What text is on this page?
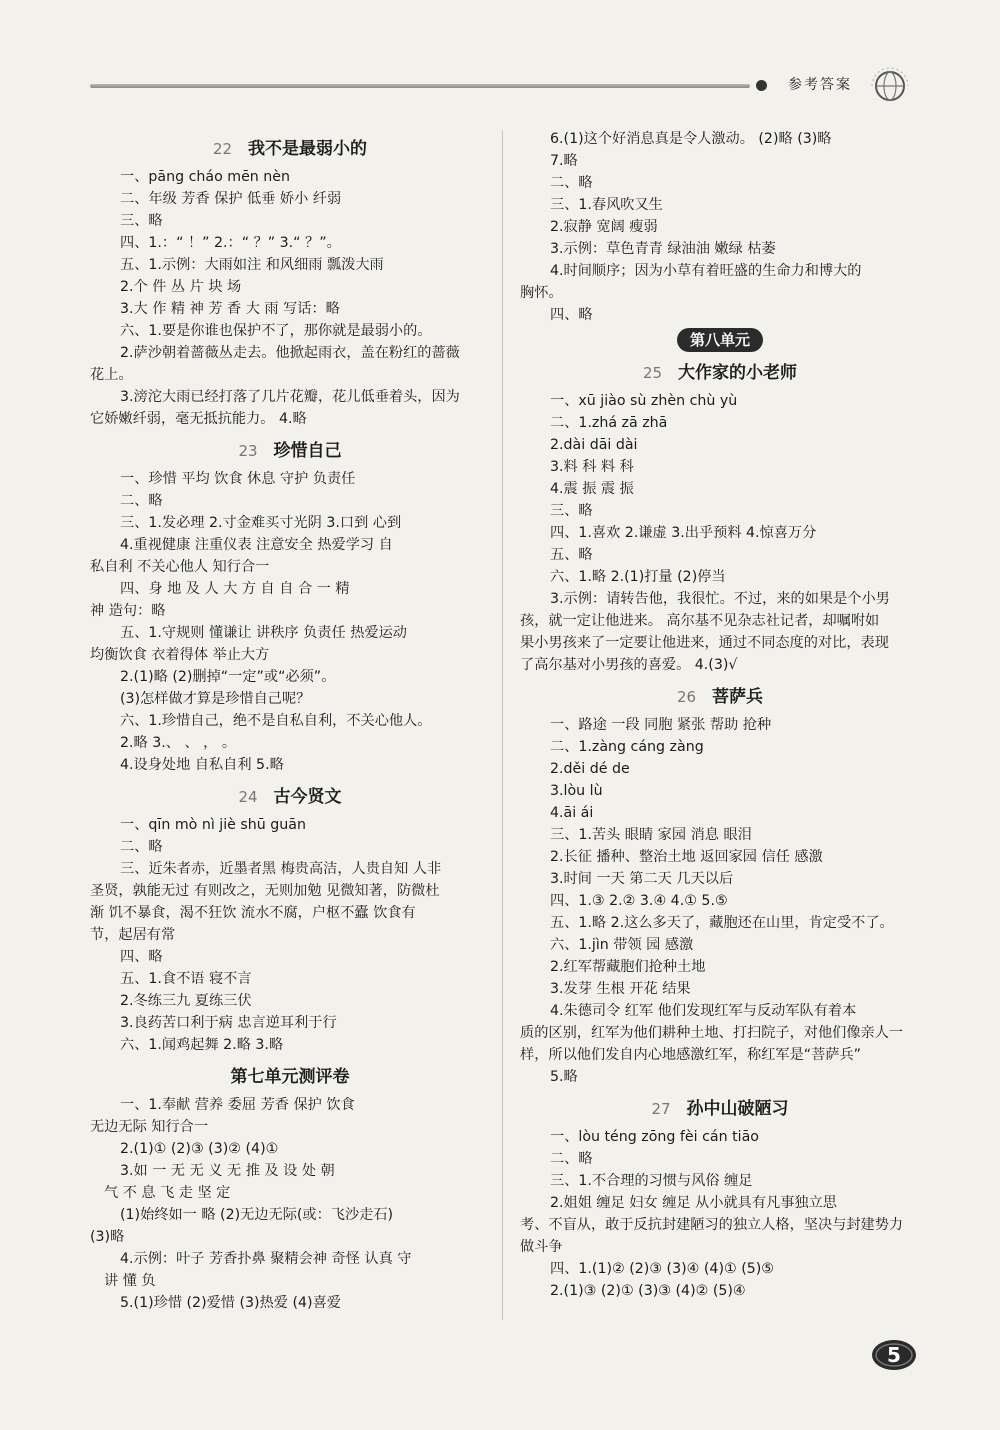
参考答案
22 我不是最弱小的
一、pāng cháo mēn nèn
二、年级 芳香 保护 低垂 娇小 纤弱
三、略
四、1.：“ ！” 2.：“ ？” 3.“ ？”。
五、1.示例：大雨如注 和风细雨 瓢泼大雨
2.个 件 丛 片 块 场
3.大 作 精 神 芳 香 大 雨 写话：略
六、1.要是你谁也保护不了，那你就是最弱小的。
2.萨沙朝着蔷薇丛走去。他掀起雨衣，盖在粉红的蔷薇
花上。
3.滂沱大雨已经打落了几片花瓣，花儿低垂着头，因为
它娇嫩纤弱，毫无抵抗能力。 4.略
23 珍惜自己
一、珍惜 平均 饮食 休息 守护 负责任
二、略
三、1.发必理 2.寸金难买寸光阴 3.口到 心到
4.重视健康 注重仪表 注意安全 热爱学习 自
私自利 不关心他人 知行合一
四、身 地 及 人 大 方 自 自 合 一 精
神 造句：略
五、1.守规则 懂谦让 讲秩序 负责任 热爱运动
均衡饮食 衣着得体 举止大方
2.(1)略 (2)删掉“一定”或“必须”。
(3)怎样做才算是珍惜自己呢？
六、1.珍惜自己，绝不是自私自利，不关心他人。
2.略 3.、 、 ， 。
4.设身处地 自私自利 5.略
24 古今贤文
一、qīn mò nì jiè shū guān
二、略
三、近朱者赤，近墨者黑 梅贵高洁，人贵自知 人非
圣贤，孰能无过 有则改之，无则加勉 见微知著，防微杜
渐 饥不暴食，渴不狂饮 流水不腐，户枢不蠹 饮食有
节，起居有常
四、略
五、1.食不语 寝不言
2.冬练三九 夏练三伏
3.良药苦口利于病 忠言逆耳利于行
六、1.闻鸡起舞 2.略 3.略
第七单元测评卷
一、1.奉献 营养 委屈 芳香 保护 饮食
无边无际 知行合一
2.(1)① (2)③ (3)② (4)①
3.如 一 无 无 义 无 推 及 设 处 朝
气 不 息 飞 走 坚 定
(1)始终如一 略 (2)无边无际(或：飞沙走石)
(3)略
4.示例：叶子 芳香扑鼻 聚精会神 奇怪 认真 守
讲 懂 负
5.(1)珍惜 (2)爱惜 (3)热爱 (4)喜爱
6.(1)这个好消息真是令人激动。 (2)略 (3)略
7.略
二、略
三、1.春风吹又生
2.寂静 宽阔 瘦弱
3.示例：草色青青 绿油油 嫩绿 枯萎
4.时间顺序；因为小草有着旺盛的生命力和博大的
胸怀。
四、略
第八单元
25 大作家的小老师
一、xū jiào sù zhèn chù yù
二、1.zhá zā zhā
2.dài dāi dài
3.料 科 料 科
4.震 振 震 振
三、略
四、1.喜欢 2.谦虚 3.出乎预料 4.惊喜万分
五、略
六、1.略 2.(1)打量 (2)停当
3.示例：请转告他，我很忙。不过，来的如果是个小男
孩，就一定让他进来。 高尔基不见杂志社记者，却嘱咐如
果小男孩来了一定要让他进来，通过不同态度的对比，表现
了高尔基对小男孩的喜爱。 4.(3)√
26 菩萨兵
一、路途 一段 同胞 紧张 帮助 抢种
二、1.zàng cáng zàng
2.děi dé de
3.lòu lù
4.āi ái
三、1.苦头 眼睛 家园 消息 眼泪
2.长征 播种、整治土地 返回家园 信任 感激
3.时间 一天 第二天 几天以后
四、1.③ 2.② 3.④ 4.① 5.⑤
五、1.略 2.这么多天了，藏胞还在山里，肯定受不了。
六、1.jìn 带领 园 感激
2.红军帮藏胞们抢种土地
3.发芽 生根 开花 结果
4.朱德司令 红军 他们发现红军与反动军队有着本
质的区别，红军为他们耕种土地、打扫院子，对他们像亲人一
样，所以他们发自内心地感激红军，称红军是“菩萨兵”
5.略
27 孙中山破陋习
一、lòu téng zōng fèi cán tiāo
二、略
三、1.不合理的习惯与风俗 缠足
2.姐姐 缠足 妇女 缠足 从小就具有凡事独立思
考、不盲从，敢于反抗封建陋习的独立人格，坚决与封建势力
做斗争
四、1.(1)② (2)③ (3)④ (4)① (5)⑤
2.(1)③ (2)① (3)③ (4)② (5)④
5
